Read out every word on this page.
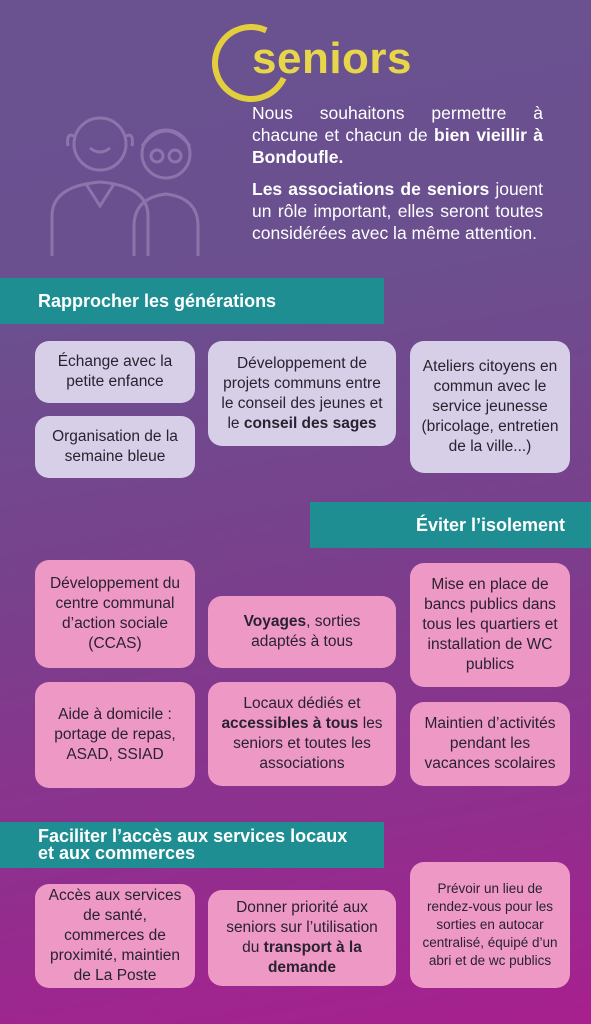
seniors

Nous souhaitons permettre à chacune et chacun de bien vieillir à Bondoufle.

Les associations de seniors jouent un rôle important, elles seront toutes considérées avec la même attention.

Rapprocher les générations
Échange avec la petite enfance
Organisation de la semaine bleue
Développement de projets communs entre le conseil des jeunes et le conseil des sages
Ateliers citoyens en commun avec le service jeunesse (bricolage, entretien de la ville...)
Éviter l’isolement
Développement du centre communal d’action sociale (CCAS)
Aide à domicile : portage de repas, ASAD, SSIAD
Voyages, sorties adaptés à tous
Locaux dédiés et accessibles à tous les seniors et toutes les associations
Mise en place de bancs publics dans tous les quartiers et installation de WC publics
Maintien d’activités pendant les vacances scolaires
Faciliter l’accès aux services locaux
et aux commerces
Accès aux services de santé, commerces de proximité, maintien de La Poste
Donner priorité aux seniors sur l’utilisation du transport à la demande
Prévoir un lieu de rendez-vous pour les sorties en autocar centralisé, équipé d’un abri et de wc publics
